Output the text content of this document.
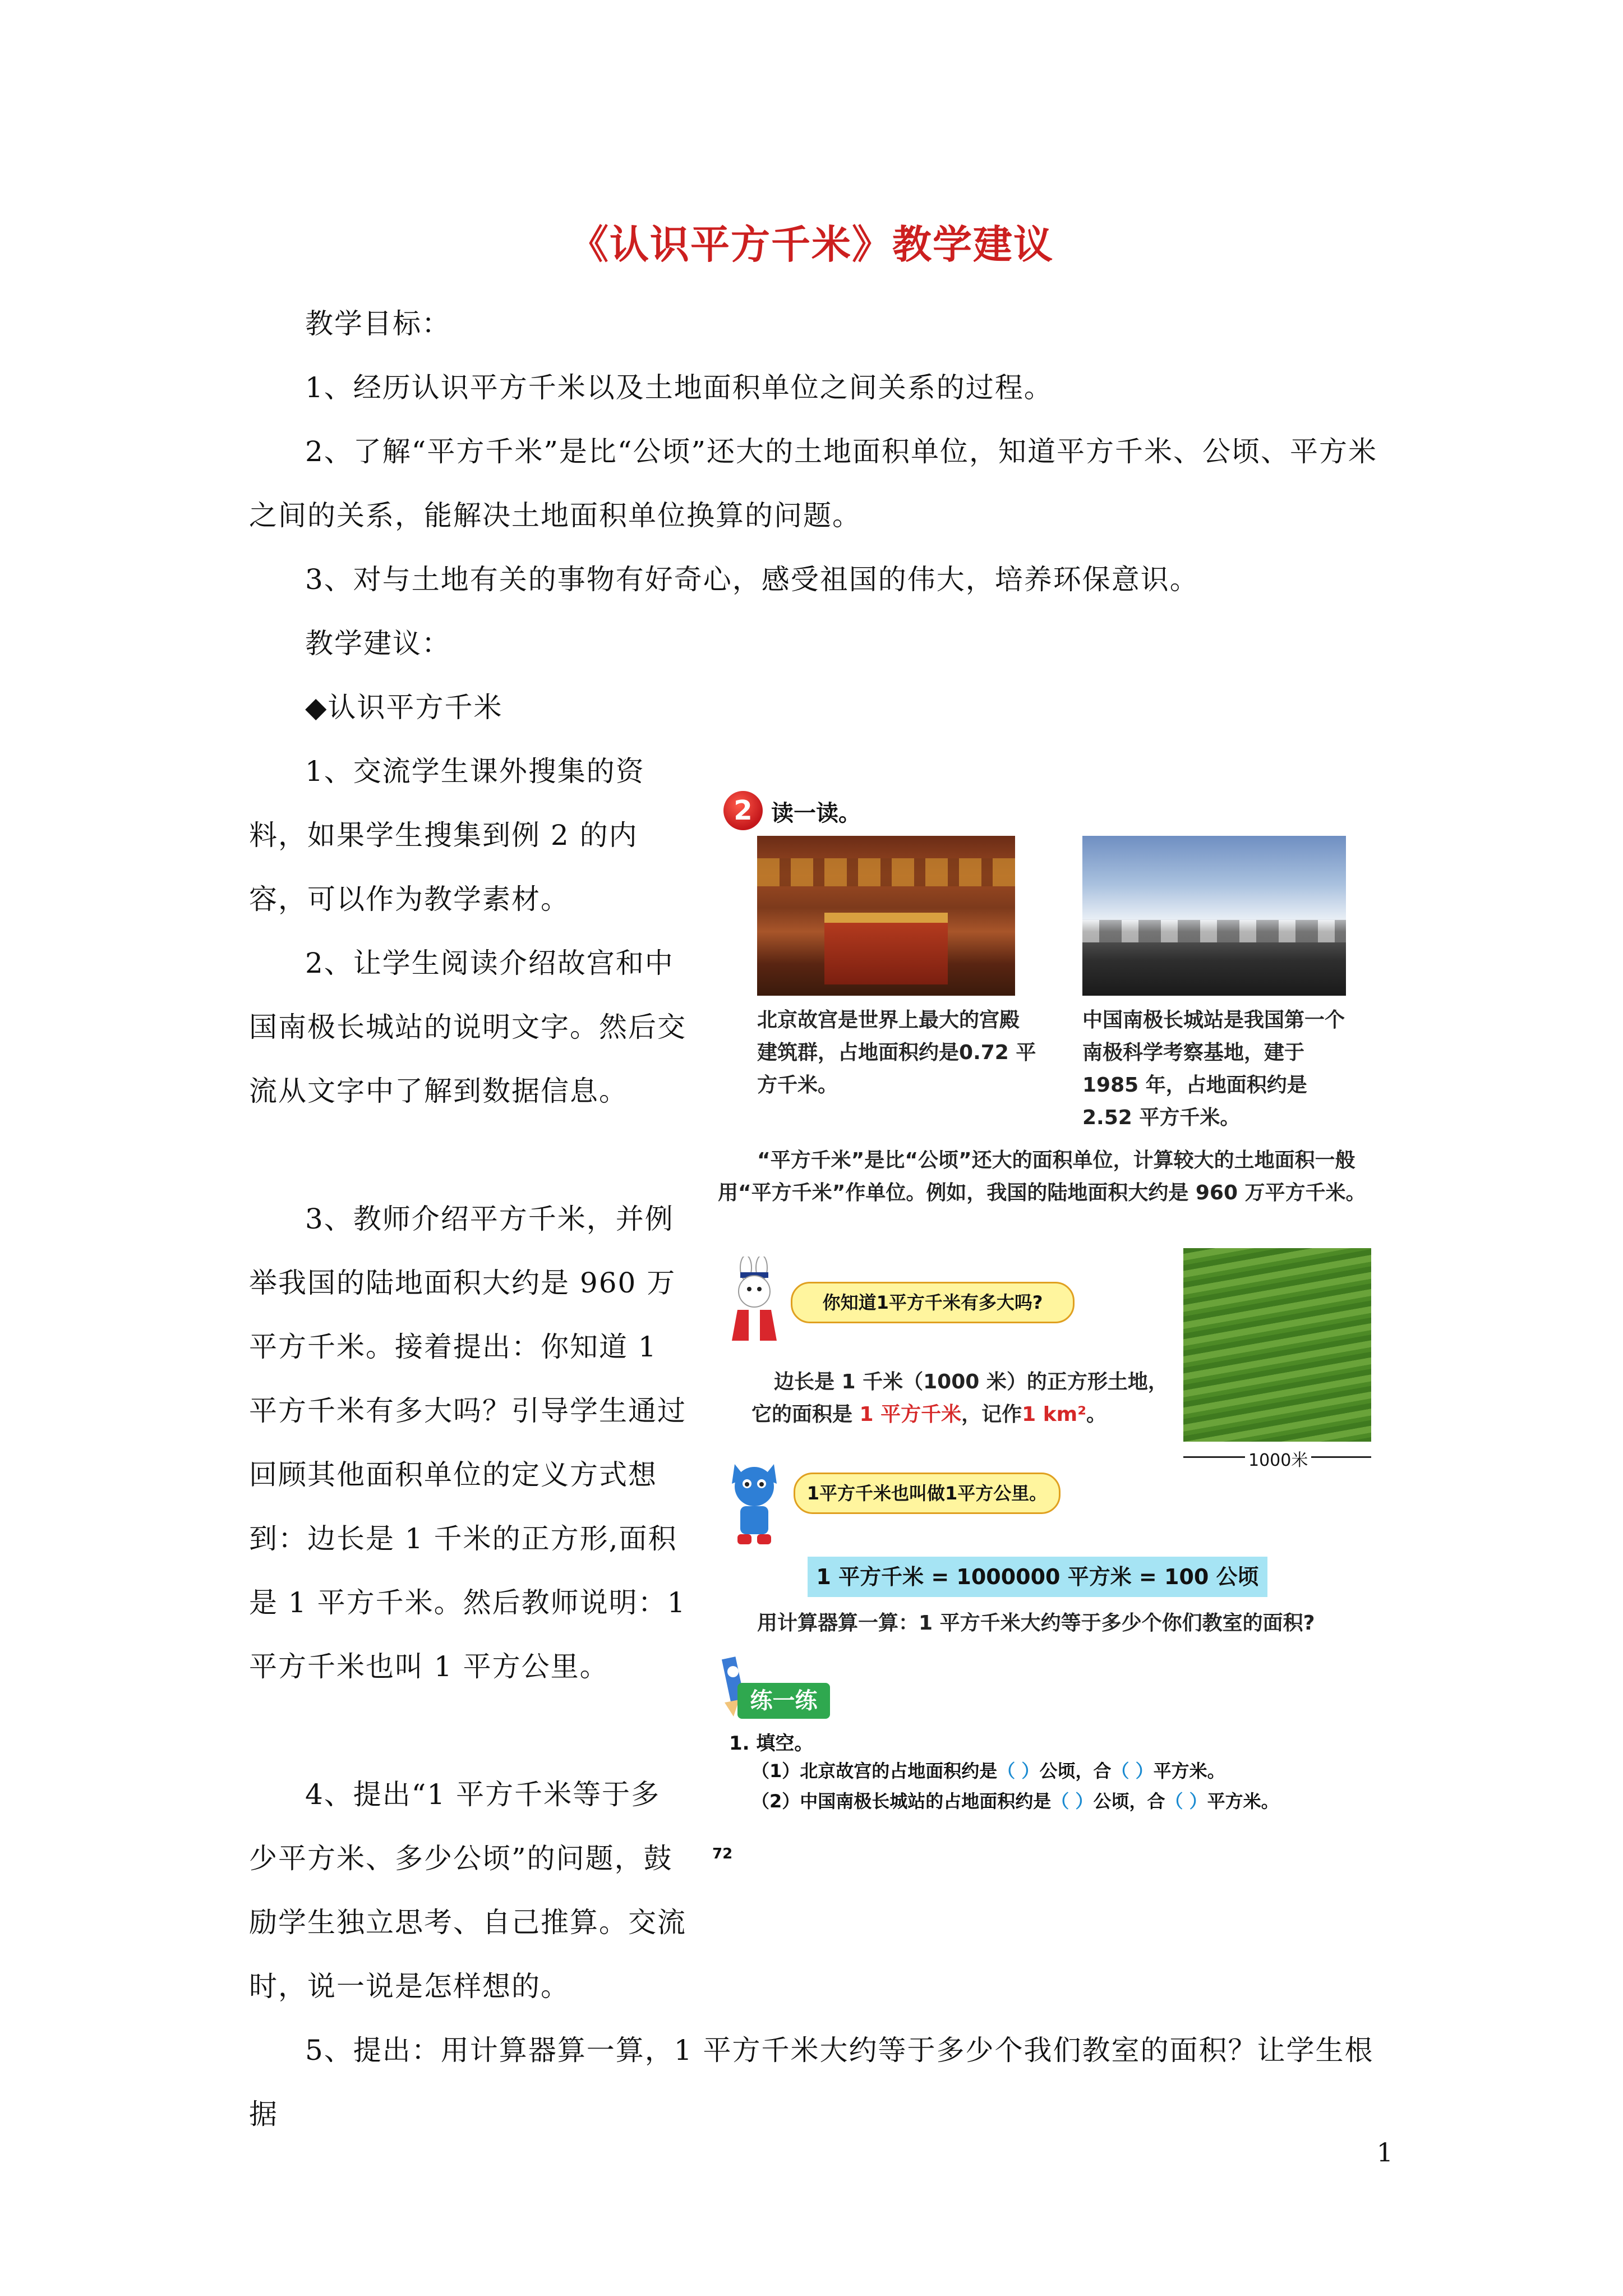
《认识平方千米》教学建议
教学目标：
1、经历认识平方千米以及土地面积单位之间关系的过程。
2、了解“平方千米”是比“公顷”还大的土地面积单位，知道平方千米、公顷、平方米之间的关系，能解决土地面积单位换算的问题。
3、对与土地有关的事物有好奇心，感受祖国的伟大，培养环保意识。
教学建议：
◆认识平方千米
1、交流学生课外搜集的资料，如果学生搜集到例 2 的内容，可以作为教学素材。
2、让学生阅读介绍故宫和中国南极长城站的说明文字。然后交流从文字中了解到数据信息。
3、教师介绍平方千米，并例举我国的陆地面积大约是 960 万平方千米。接着提出：你知道 1 平方千米有多大吗？引导学生通过回顾其他面积单位的定义方式想到：边长是 1 千米的正方形,面积是 1 平方千米。然后教师说明：1 平方千米也叫 1 平方公里。
4、提出“1 平方千米等于多少平方米、多少公顷”的问题，鼓励学生独立思考、自己推算。交流时，说一说是怎样想的。
5、提出：用计算器算一算，1 平方千米大约等于多少个我们教室的面积？让学生根据
1
2 读一读。
北京故宫是世界上最大的宫殿建筑群，占地面积约是0.72 平方千米。
中国南极长城站是我国第一个南极科学考察基地，建于 1985 年，占地面积约是 2.52 平方千米。
“平方千米”是比“公顷”还大的面积单位，计算较大的土地面积一般用“平方千米”作单位。例如，我国的陆地面积大约是 960 万平方千米。
你知道1平方千米有多大吗?
边长是 1 千米（1000 米）的正方形土地，它的面积是 1 平方千米，记作1 km²。
1000米
1平方千米也叫做1平方公里。
1 平方千米 = 1000000 平方米 = 100 公顷
用计算器算一算：1 平方千米大约等于多少个你们教室的面积?
练一练
1. 填空。
（1）北京故宫的占地面积约是（ ）公顷，合（ ）平方米。
（2）中国南极长城站的占地面积约是（ ）公顷，合（ ）平方米。
72
